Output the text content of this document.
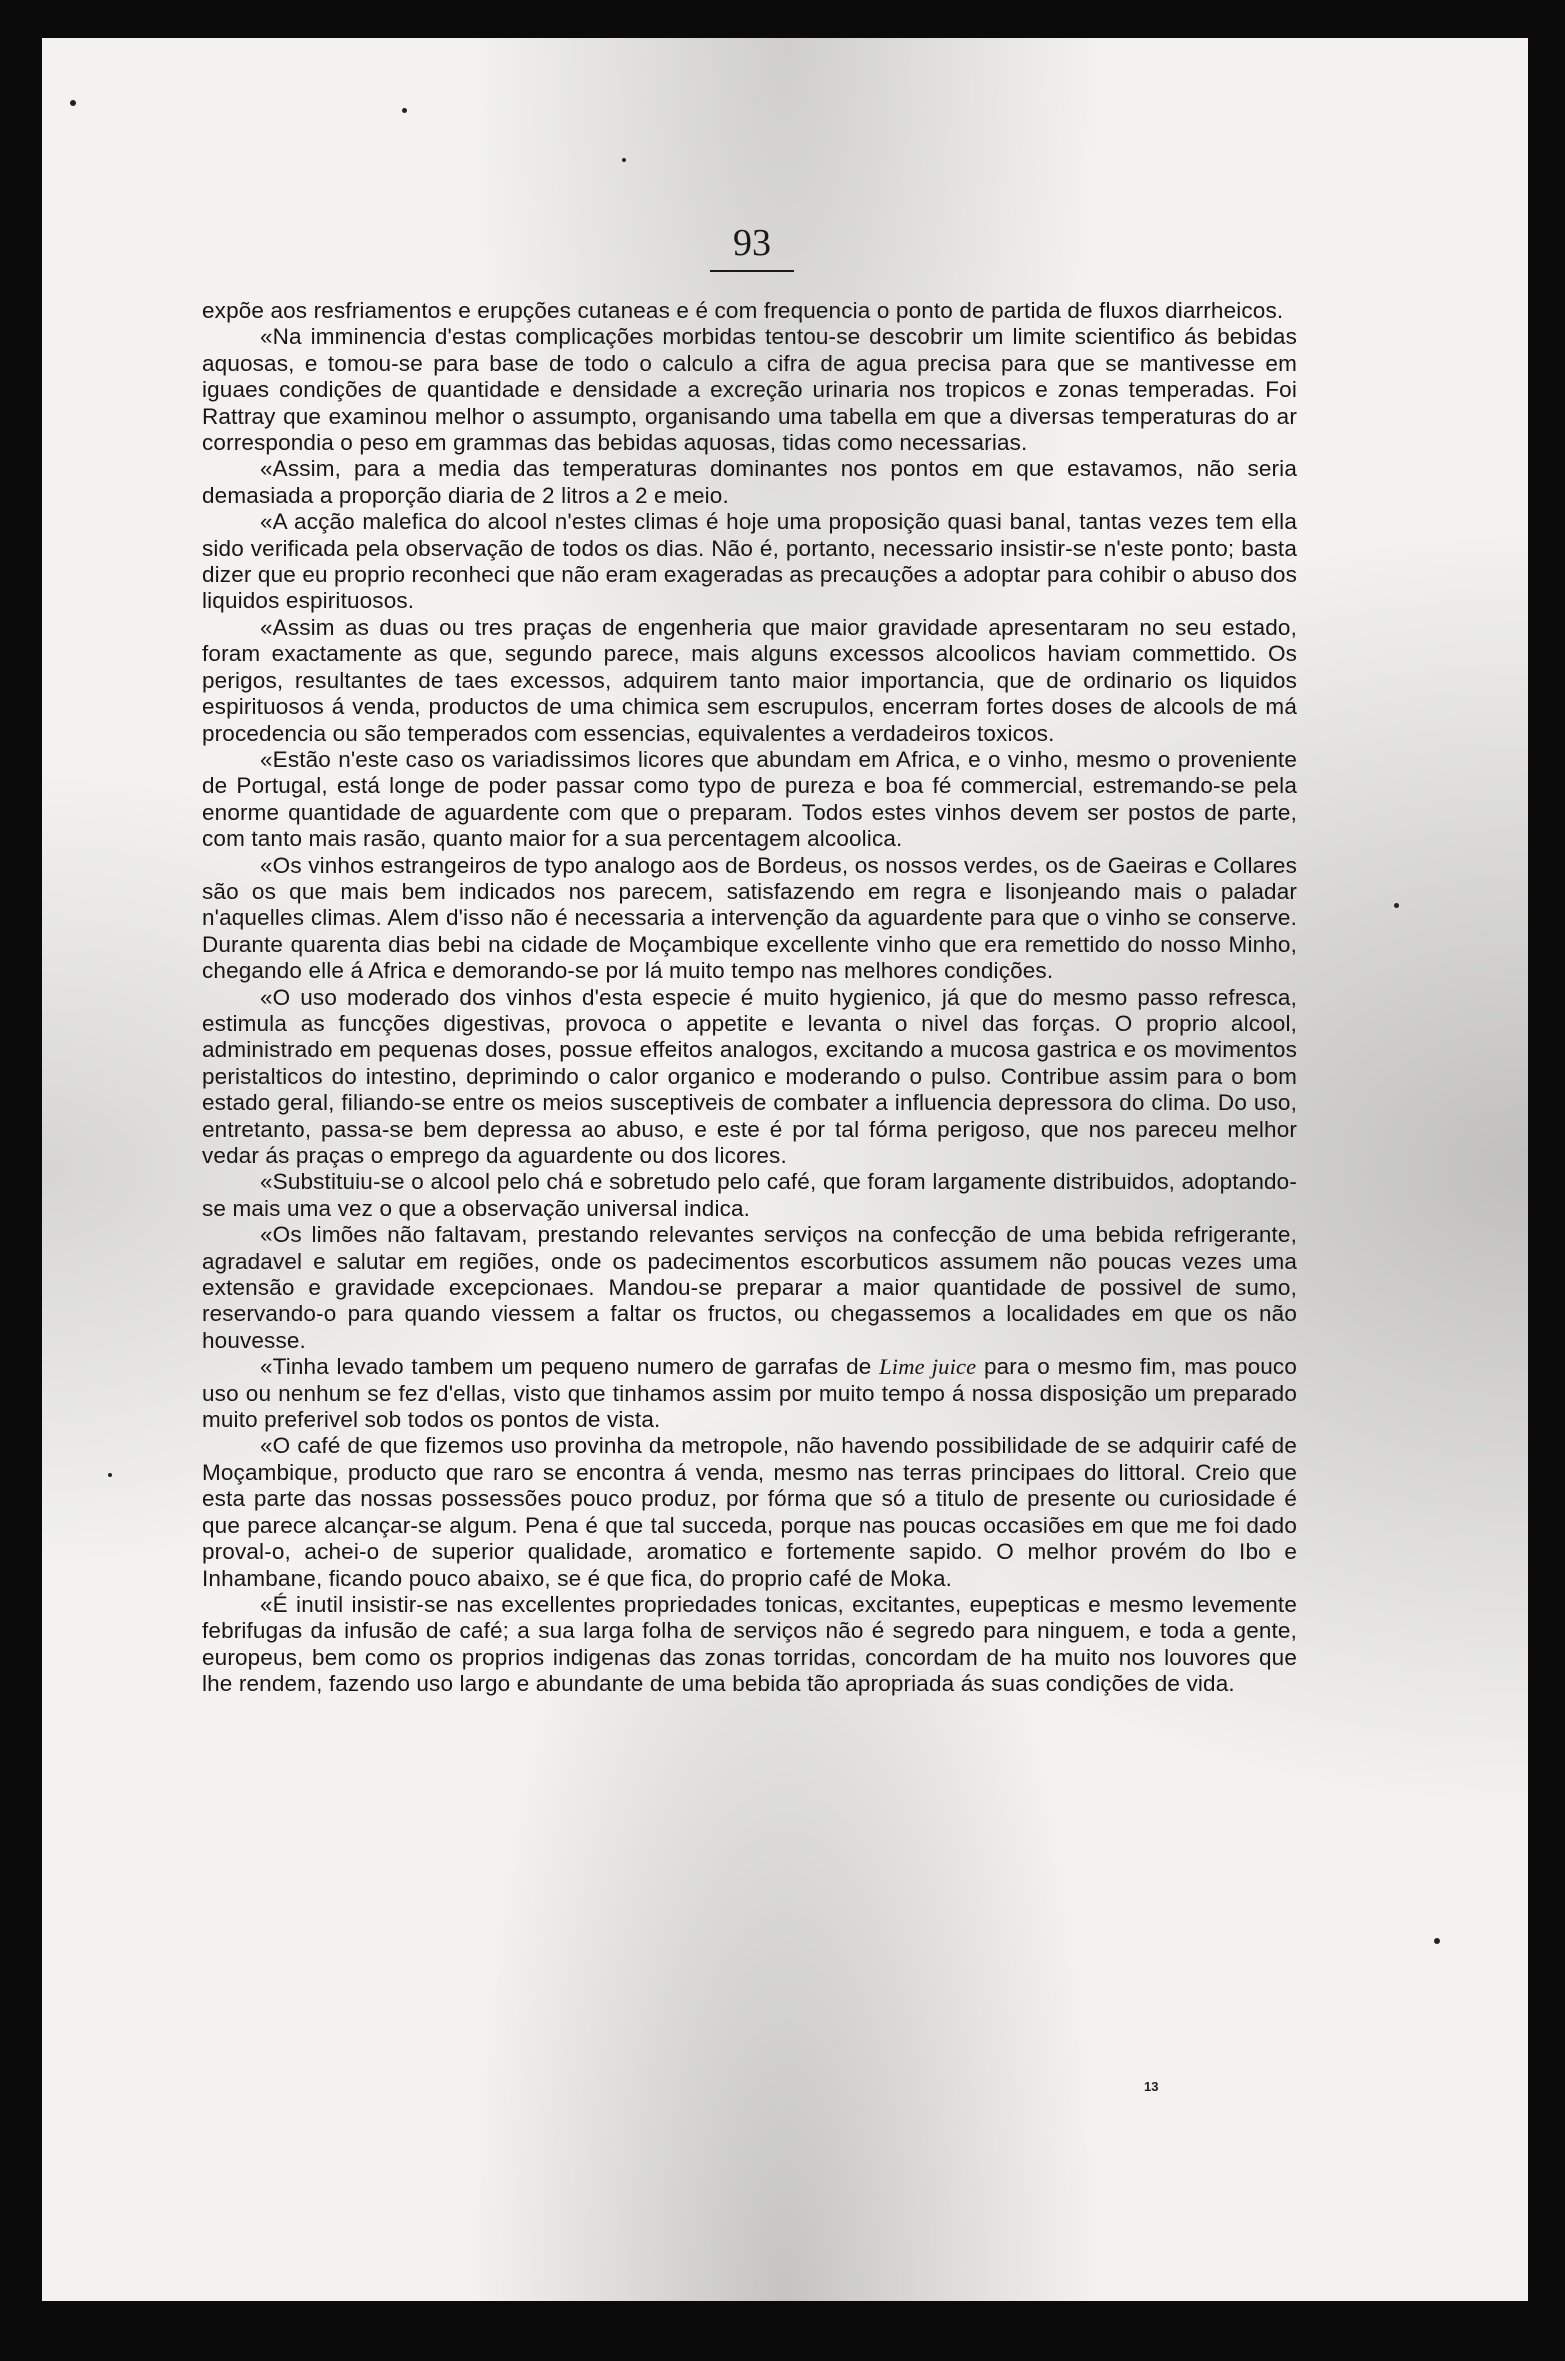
93

expõe aos resfriamentos e erupções cutaneas e é com frequencia o ponto de partida de fluxos diarrheicos.

«Na imminencia d'estas complicações morbidas tentou-se descobrir um limite scientifico ás bebidas aquosas, e tomou-se para base de todo o calculo a cifra de agua precisa para que se mantivesse em iguaes condições de quantidade e densidade a excreção urinaria nos tropicos e zonas temperadas. Foi Rattray que examinou melhor o assumpto, organisando uma tabella em que a diversas temperaturas do ar correspondia o peso em grammas das bebidas aquosas, tidas como necessarias.

«Assim, para a media das temperaturas dominantes nos pontos em que estavamos, não seria demasiada a proporção diaria de 2 litros a 2 e meio.

«A acção malefica do alcool n'estes climas é hoje uma proposição quasi banal, tantas vezes tem ella sido verificada pela observação de todos os dias. Não é, portanto, necessario insistir-se n'este ponto; basta dizer que eu proprio reconheci que não eram exageradas as precauções a adoptar para cohibir o abuso dos liquidos espirituosos.

«Assim as duas ou tres praças de engenheria que maior gravidade apresentaram no seu estado, foram exactamente as que, segundo parece, mais alguns excessos alcoolicos haviam commettido. Os perigos, resultantes de taes excessos, adquirem tanto maior importancia, que de ordinario os liquidos espirituosos á venda, productos de uma chimica sem escrupulos, encerram fortes doses de alcools de má procedencia ou são temperados com essencias, equivalentes a verdadeiros toxicos.

«Estão n'este caso os variadissimos licores que abundam em Africa, e o vinho, mesmo o proveniente de Portugal, está longe de poder passar como typo de pureza e boa fé commercial, estremando-se pela enorme quantidade de aguardente com que o preparam. Todos estes vinhos devem ser postos de parte, com tanto mais rasão, quanto maior for a sua percentagem alcoolica.

«Os vinhos estrangeiros de typo analogo aos de Bordeus, os nossos verdes, os de Gaeiras e Collares são os que mais bem indicados nos parecem, satisfazendo em regra e lisonjeando mais o paladar n'aquelles climas. Alem d'isso não é necessaria a intervenção da aguardente para que o vinho se conserve. Durante quarenta dias bebi na cidade de Moçambique excellente vinho que era remettido do nosso Minho, chegando elle á Africa e demorando-se por lá muito tempo nas melhores condições.

«O uso moderado dos vinhos d'esta especie é muito hygienico, já que do mesmo passo refresca, estimula as funcções digestivas, provoca o appetite e levanta o nivel das forças. O proprio alcool, administrado em pequenas doses, possue effeitos analogos, excitando a mucosa gastrica e os movimentos peristalticos do intestino, deprimindo o calor organico e moderando o pulso. Contribue assim para o bom estado geral, filiando-se entre os meios susceptiveis de combater a influencia depressora do clima. Do uso, entretanto, passa-se bem depressa ao abuso, e este é por tal fórma perigoso, que nos pareceu melhor vedar ás praças o emprego da aguardente ou dos licores.

«Substituiu-se o alcool pelo chá e sobretudo pelo café, que foram largamente distribuidos, adoptando-se mais uma vez o que a observação universal indica.

«Os limões não faltavam, prestando relevantes serviços na confecção de uma bebida refrigerante, agradavel e salutar em regiões, onde os padecimentos escorbuticos assumem não poucas vezes uma extensão e gravidade excepcionaes. Mandou-se preparar a maior quantidade de possivel de sumo, reservando-o para quando viessem a faltar os fructos, ou chegassemos a localidades em que os não houvesse.

«Tinha levado tambem um pequeno numero de garrafas de Lime juice para o mesmo fim, mas pouco uso ou nenhum se fez d'ellas, visto que tinhamos assim por muito tempo á nossa disposição um preparado muito preferivel sob todos os pontos de vista.

«O café de que fizemos uso provinha da metropole, não havendo possibilidade de se adquirir café de Moçambique, producto que raro se encontra á venda, mesmo nas terras principaes do littoral. Creio que esta parte das nossas possessões pouco produz, por fórma que só a titulo de presente ou curiosidade é que parece alcançar-se algum. Pena é que tal succeda, porque nas poucas occasiões em que me foi dado proval-o, achei-o de superior qualidade, aromatico e fortemente sapido. O melhor provém do Ibo e Inhambane, ficando pouco abaixo, se é que fica, do proprio café de Moka.

«É inutil insistir-se nas excellentes propriedades tonicas, excitantes, eupepticas e mesmo levemente febrifugas da infusão de café; a sua larga folha de serviços não é segredo para ninguem, e toda a gente, europeus, bem como os proprios indigenas das zonas torridas, concordam de ha muito nos louvores que lhe rendem, fazendo uso largo e abundante de uma bebida tão apropriada ás suas condições de vida.

13
